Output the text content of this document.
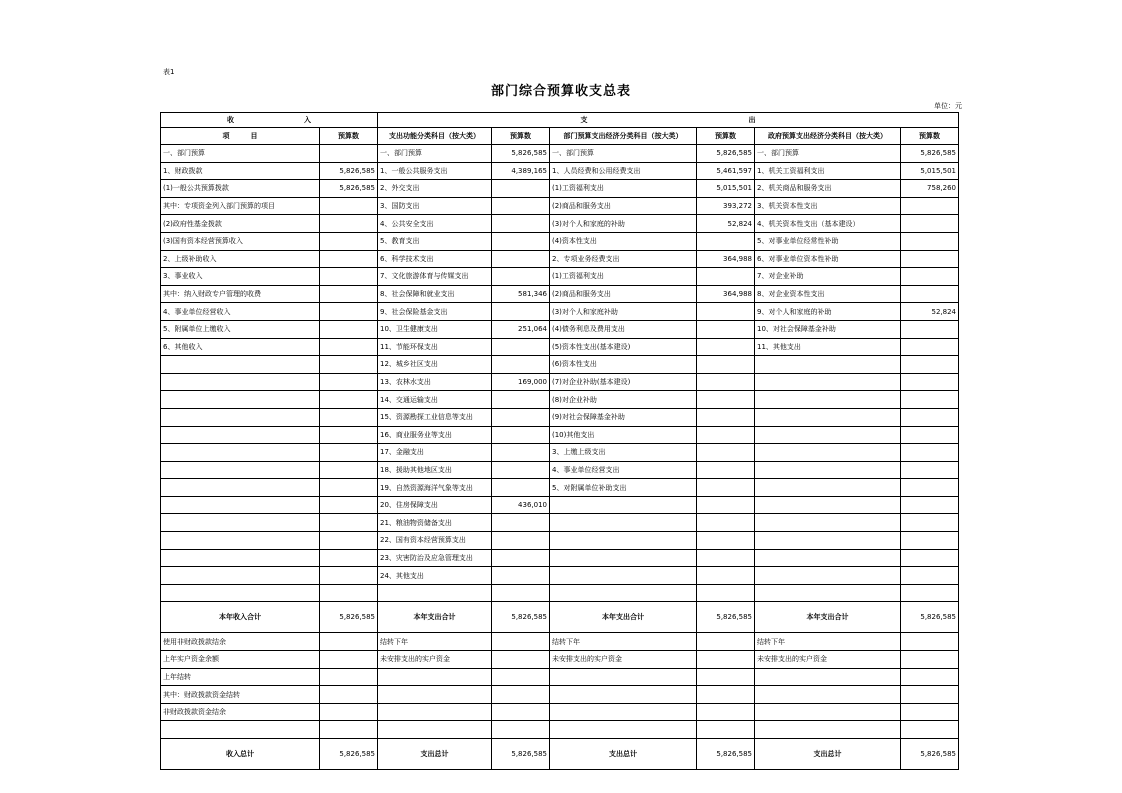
表1
部门综合预算收支总表
单位：元
收　　　　　　　　　　入		支　　　　　　　　　　　　　　　　　　　　　　　出					
项　　　目	预算数	支出功能分类科目（按大类）	预算数	部门预算支出经济分类科目（按大类）	预算数	政府预算支出经济分类科目（按大类）	预算数
一、部门预算		一、部门预算	5,826,585	一、部门预算	5,826,585	一、部门预算	5,826,585
1、财政拨款	5,826,585	1、一般公共服务支出	4,389,165	1、人员经费和公用经费支出	5,461,597	1、机关工资福利支出	5,015,501
(1)一般公共预算拨款	5,826,585	2、外交支出		(1)工资福利支出	5,015,501	2、机关商品和服务支出	758,260
其中：专项资金列入部门预算的项目		3、国防支出		(2)商品和服务支出	393,272	3、机关资本性支出	
(2)政府性基金拨款		4、公共安全支出		(3)对个人和家庭的补助	52,824	4、机关资本性支出（基本建设）	
(3)国有资本经营预算收入		5、教育支出		(4)资本性支出		5、对事业单位经常性补助	
2、上级补助收入		6、科学技术支出		2、专项业务经费支出	364,988	6、对事业单位资本性补助	
3、事业收入		7、文化旅游体育与传媒支出		(1)工资福利支出		7、对企业补助	
其中：纳入财政专户管理的收费		8、社会保障和就业支出	581,346	(2)商品和服务支出	364,988	8、对企业资本性支出	
4、事业单位经营收入		9、社会保险基金支出		(3)对个人和家庭补助		9、对个人和家庭的补助	52,824
5、附属单位上缴收入		10、卫生健康支出	251,064	(4)债务利息及费用支出		10、对社会保障基金补助	
6、其他收入		11、节能环保支出		(5)资本性支出(基本建设)		11、其他支出	
		12、城乡社区支出		(6)资本性支出			
		13、农林水支出	169,000	(7)对企业补助(基本建设)			
		14、交通运输支出		(8)对企业补助			
		15、资源勘探工业信息等支出		(9)对社会保障基金补助			
		16、商业服务业等支出		(10)其他支出			
		17、金融支出		3、上缴上级支出			
		18、援助其他地区支出		4、事业单位经营支出			
		19、自然资源海洋气象等支出		5、对附属单位补助支出			
		20、住房保障支出	436,010				
		21、粮油物资储备支出					
		22、国有资本经营预算支出					
		23、灾害防治及应急管理支出					
		24、其他支出					

本年收入合计	5,826,585	本年支出合计	5,826,585	本年支出合计	5,826,585	本年支出合计	5,826,585
使用非财政拨款结余		结转下年		结转下年		结转下年	
上年实户资金余额		未安排支出的实户资金		未安排支出的实户资金		未安排支出的实户资金	
上年结转							
其中：财政拨款资金结转							
非财政拨款资金结余							

收入总计	5,826,585	支出总计	5,826,585	支出总计	5,826,585	支出总计	5,826,585
